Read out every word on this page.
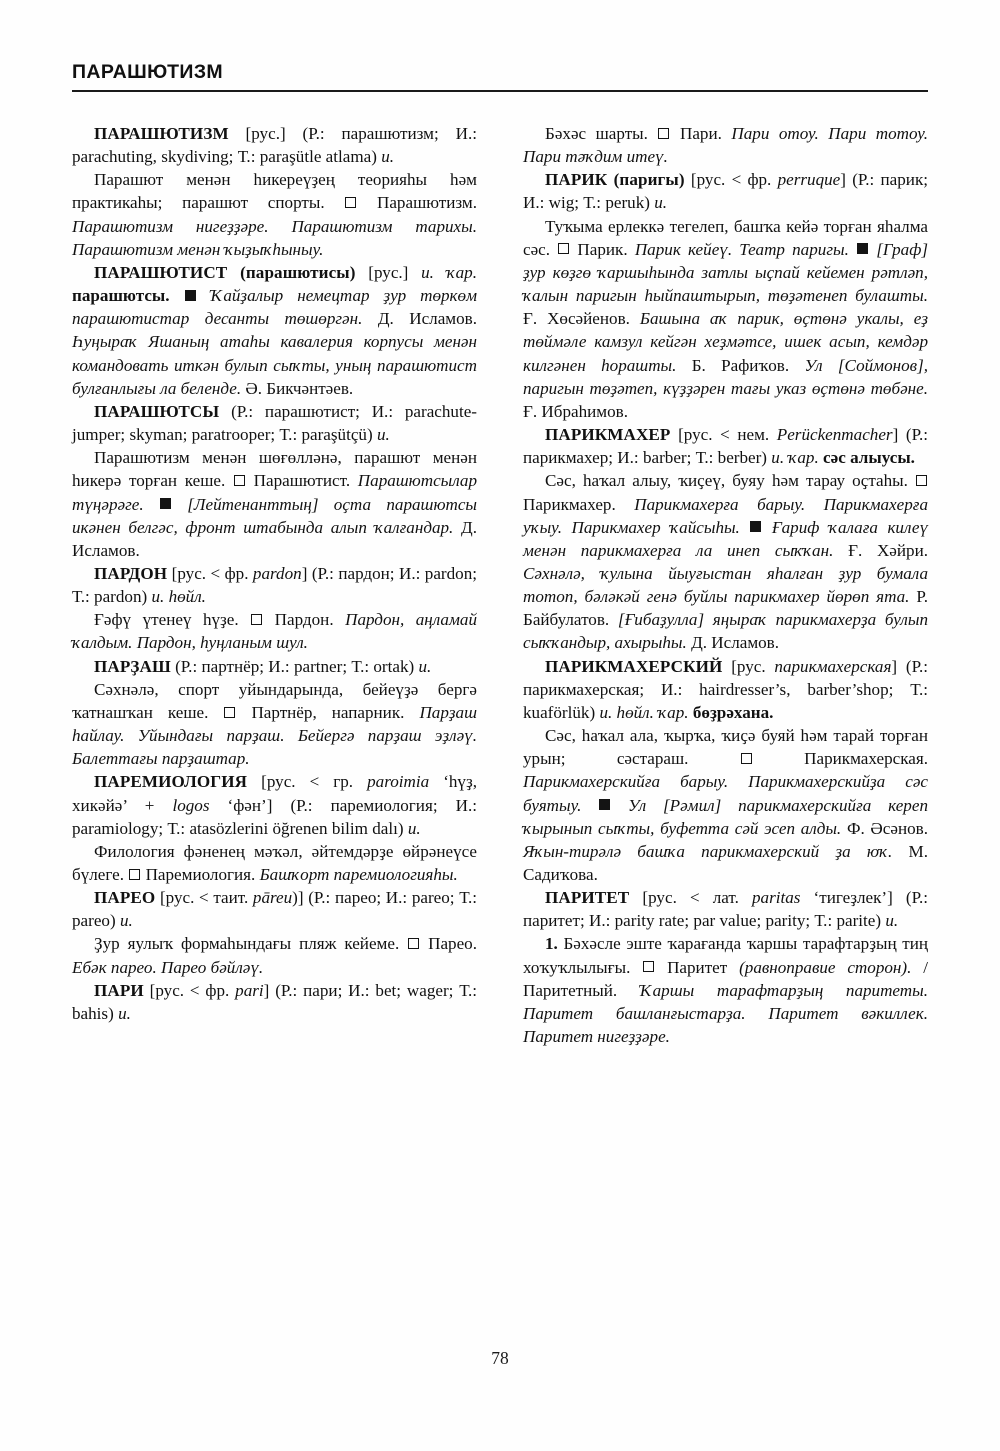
ПАРАШЮТИЗМ

ПАРАШЮТИЗМ [рус.] (Р.: парашютизм; И.: parachuting, skydiving; Т.: paraşütle atlama) и.

Парашют менән һикереүҙең теорияһы һәм практикаһы; парашют спорты.	Парашютизм. Парашютизм нигеҙҙәре. Парашютизм тарихы. Парашютизм менән ҡыҙыҡһыныу.

ПАРАШЮТИСТ (парашютисы) [рус.] и. ҡар. парашютсы. Ҡайҙалыр немецтар ҙур төркөм парашютистар десанты төшөргән. Д. Исламов. Һуңыраҡ Яшаның атаһы кавалерия корпусы менән командовать иткән булып сыҡты, уның парашютист булғанлығы ла беленде. Ә. Бикчәнтәев.

ПАРАШЮТСЫ (Р.: парашютист; И.: parachute-jumper; skyman; paratrooper; Т.: paraşütçü) и.

Парашютизм менән шөғөлләнә, парашют менән һикерә торған кеше. Парашютист. Парашютсылар түңәрәге.	[Лейтенанттың] оҫта парашютсы икәнен белгәс, фронт штабында алып ҡалғандар. Д. Исламов.

ПАРДОН [рус. < фр. pardon] (Р.: пардон; И.: pardon; Т.: pardon) и. һөйл.

Ғәфү үтенеү һүҙе. Пардон. Пардон, аңламай ҡалдым. Пардон, һуңланым шул.

ПАРҘАШ (Р.: партнёр; И.: partner; Т.: ortak) и.

Сәхнәлә, спорт уйындарында, бейеүҙә бергә ҡатнашҡан кеше.	Партнёр, напарник. Парҙаш һайлау. Уйындағы парҙаш. Бейергә парҙаш эҙләү. Балеттағы парҙаштар.

ПАРЕМИОЛОГИЯ [рус. < гр. paroimia ‘һүҙ, хикәйә’ + logos ‘фән’] (Р.: паремиология; И.: paramiology; Т.: atasözlerini öğrenen bilim dalı) и.

Филология фәненең мәҡәл, әйтемдәрҙе өйрәнеүсе бүлеге. Паремиология. Башҡорт паремиологияһы.

ПАРЕО [рус. < таит. pāreu)] (Р.: парео; И.: pareo; Т.: pareo) и.

Ҙур яулыҡ формаһындағы пляж кейеме. Парео. Ебәк парео. Парео бәйләү.

ПАРИ [рус. < фр. pari] (Р.: пари; И.: bet; wager; Т.: bahis) и.

Бәхәс шарты. Пари. Пари отоу. Пари тотоу. Пари тәҡдим итеү.

ПАРИК (паригы) [рус. < фр. perruque] (Р.: парик; И.: wig; Т.: peruk) и.

Туҡыма ерлеккә тегелеп, башҡа кейә торған яһалма сәс. Парик. Парик кейеү. Театр паригы. [Граф] ҙур көҙгө ҡаршыһында затлы ыҫпай кейемен рәтләп, ҡалын паригын һыйпаштырып, төҙәтенеп булашты. Ғ. Хөсәйенов. Башына аҡ парик, өҫтөнә укалы, еҙ төймәле камзул кейгән хеҙмәтсе, ишек асып, кемдәр килгәнен һорашты. Б. Рафиҡов. Ул [Соймонов], паригын төҙәтеп, күҙҙәрен тағы указ өҫтөнә төбәне. Ғ. Ибраһимов.

ПАРИКМАХЕР [рус. < нем. Perückenmacher] (Р.: парикмахер; И.: barber; Т.: berber) и. ҡар. сәс алыусы.

Сәс, һаҡал алыу, ҡиҫеү, буяу һәм тарау оҫтаһы.  Парикмахер. Парикмахерға барыу. Парикмахерға уҡыу. Парикмахер ҡайсыһы. Ғариф ҡалаға килеү менән парикмахерға ла инеп сыҡҡан. Ғ. Хәйри. Сәхнәлә, ҡулына йыуғыстан яһалған ҙур бумала тотоп, бәләкәй генә буйлы парикмахер йөрөп ята. Р. Байбулатов. [Ғибаҙулла] яңыраҡ парикмахерҙа булып сыҡҡандыр, ахырыһы. Д. Исламов.

ПАРИКМАХЕРСКИЙ [рус. парикмахерская] (Р.: парикмахерская; И.: hairdresser’s, barber’shop; Т.: kuaförlük) и. һөйл. ҡар. бөҙрәхана.

Сәс, һаҡал ала, ҡырҡа, ҡиҫә буяй һәм тарай торған урын; сәстараш.	Парикмахерская. Парикмахерскийға барыу. Парикмахерскийҙа сәс буятыу.	Ул [Рәмил] парикмахерскийға кереп ҡырынып сыҡты, буфетта сәй эсеп алды. Ф. Әсәнов. Яҡын-тирәлә башҡа парикмахерский ҙа юҡ. М. Садиҡова.

ПАРИТЕТ [рус. < лат. paritas ‘тигеҙлек’] (Р.: паритет; И.: parity rate; par value; parity; Т.: parite) и.

1. Бәхәсле эште ҡарағанда ҡаршы тарафтарҙың тиң хоҡуҡлылығы. Паритет (равноправие сторон). / Паритетный. Ҡаршы тарафтарҙың паритеты. Паритет башланғыстарҙа. Паритет вәкиллек. Паритет нигеҙҙәре.

78
